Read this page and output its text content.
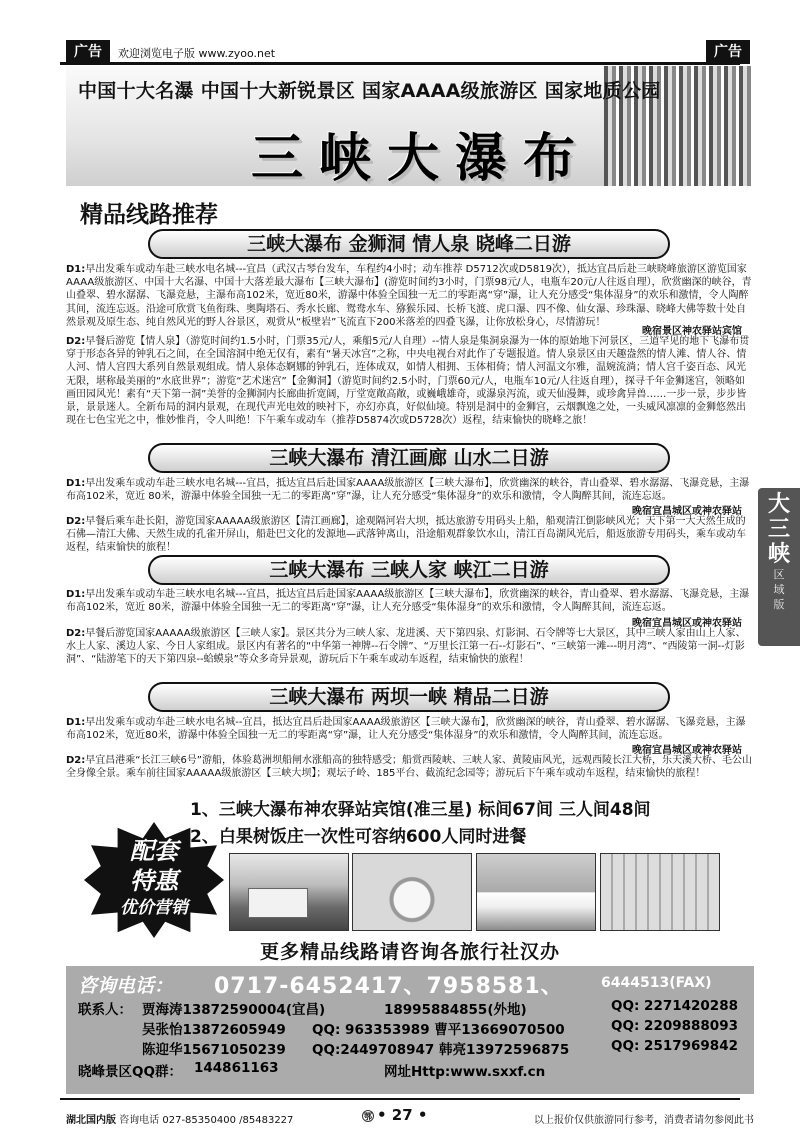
广告	欢迎浏览电子版 www.zyoo.net	广告
中国十大名瀑 中国十大新锐景区 国家AAAA级旅游区 国家地质公园
三峡大瀑布
精品线路推荐
三峡大瀑布 金狮洞 情人泉 晓峰二日游
D1:早出发乘车或动车赴三峡水电名城---宜昌（武汉古琴台发车，车程约4小时；动车推荐 D5712次或D5819次），抵达宜昌后赴三峡晓峰旅游区游览国家AAAA级旅游区、中国十大名瀑、中国十大落差最大瀑布【三峡大瀑布】(游览时间约3小时，门票98元/人，电瓶车20元/人往返自理），欣赏幽深的峡谷，青山叠翠、碧水潺潺、飞瀑竞悬，主瀑布高102米，宽近80米，游瀑中体验全国独一无二的零距离“穿”瀑，让人充分感受“集体湿身”的欢乐和激情，令人陶醉其间，流连忘返。沿途可欣赏飞鱼衔珠、奥陶塔石、秀水长廊、鸳鸯水车、猕猴乐园、长桥飞渡、虎口瀑、四不像、仙女瀑、珍珠瀑、晓峰大佛等数十处自然景观及原生态、纯自然风光的野人谷景区，观赏从“板壁岩”飞流直下200米落差的四叠飞瀑，让你放松身心，尽情游玩！
晚宿景区神农驿站宾馆
D2:早餐后游览【情人泉】（游览时间约1.5小时，门票35元/人，乘船5元/人自理）--情人泉是集洞泉瀑为一体的原始地下河景区，三道罕见的地下飞瀑布贯穿于形态各异的钟乳石之间，在全国溶洞中绝无仅有，素有“暑天冰宫”之称，中央电视台对此作了专题报道。情人泉景区由天趣盎然的情人滩、情人谷、情人河、情人宫四大系列自然景观组成。情人泉体态婀娜的钟乳石，连体成双，如情人相拥、玉体相倚；情人河温文尔雅，温婉流淌；情人宫千姿百态、风光无限，堪称最美丽的“水底世界”；游览“艺术迷宫”【金狮洞】（游览时间约2.5小时，门票60元/人，电瓶车10元/人往返自理），探寻千年金狮迷宫，领略如画田园风光！素有“天下第一洞”美誉的金狮洞内长廊曲折宽阔，厅堂宽敞高敞，或巍峨雄奇，或瀑泉泻流，或天仙漫舞，或珍禽异兽……一步一景，步步皆景，景景迷人。全新布局的洞内景观，在现代声光电效的映衬下，亦幻亦真，好似仙境。特别是洞中的金狮宫，云烟飘逸之处，一头威风凛凛的金狮悠然出现在七色宝光之中，惟妙惟肖，令人叫绝！下午乘车或动车（推荐D5874次或D5728次）返程，结束愉快的晓峰之旅！
三峡大瀑布 清江画廊 山水二日游
D1:早出发乘车或动车赴三峡水电名城---宜昌，抵达宜昌后赴国家AAAA级旅游区【三峡大瀑布】，欣赏幽深的峡谷，青山叠翠、碧水潺潺、飞瀑竞悬，主瀑布高102米，宽近 80米，游瀑中体验全国独一无二的零距离“穿”瀑，让人充分感受“集体湿身”的欢乐和激情，令人陶醉其间，流连忘返。
晚宿宜昌城区或神农驿站
D2:早餐后乘车赴长阳，游览国家AAAAA级旅游区【清江画廊】，途观隔河岩大坝，抵达旅游专用码头上船，船观清江倒影峡风光；天下第一大天然生成的石佛—清江大佛、天然生成的孔雀开屏山，船赴巴文化的发源地—武落钟离山，沿途船观群象饮水山，清江百岛湖风光后，船返旅游专用码头，乘车或动车返程，结束愉快的旅程！
三峡大瀑布 三峡人家 峡江二日游
D1:早出发乘车或动车赴三峡水电名城---宜昌，抵达宜昌后赴国家AAAA级旅游区【三峡大瀑布】，欣赏幽深的峡谷，青山叠翠、碧水潺潺、飞瀑竞悬，主瀑布高102米，宽近 80米，游瀑中体验全国独一无二的零距离“穿”瀑，让人充分感受“集体湿身”的欢乐和激情，令人陶醉其间，流连忘返。
晚宿宜昌城区或神农驿站
D2:早餐后游览国家AAAAA级旅游区【三峡人家】。景区共分为三峡人家、龙进溪、天下第四泉、灯影洞、石令牌等七大景区，其中三峡人家由山上人家、水上人家、溪边人家、今日人家组成。景区内有著名的“中华第一神牌--石令牌”、“万里长江第一石--灯影石”、“三峡第一滩---明月湾”、“西陵第一洞--灯影洞”、“陆游笔下的天下第四泉--蛤蟆泉”等众多奇异景观，游玩后下午乘车或动车返程，结束愉快的旅程！
三峡大瀑布 两坝一峡 精品二日游
D1:早出发乘车或动车赴三峡水电名城--宜昌，抵达宜昌后赴国家AAAA级旅游区【三峡大瀑布】，欣赏幽深的峡谷，青山叠翠、碧水潺潺、飞瀑竞悬，主瀑布高102米，宽近80米，游瀑中体验全国独一无二的零距离“穿”瀑，让人充分感受“集体湿身”的欢乐和激情，令人陶醉其间，流连忘返。
晚宿宜昌城区或神农驿站
D2:早宜昌港乘“长江三峡6号”游船，体验葛洲坝船闸水涨船高的独特感受；船赏西陵峡、三峡人家、黄陵庙风光，远观西陵长江大桥，乐天溪大桥、毛公山全身像全景。乘车前往国家AAAAA级旅游区【三峡大坝】；观坛子岭、185平台、截流纪念园等；游玩后下午乘车或动车返程，结束愉快的旅程！
大三峡
区
域
版
配套
特惠
优价营销
1、三峡大瀑布神农驿站宾馆(准三星) 标间67间 三人间48间
2、白果树饭庄一次性可容纳600人同时进餐
更多精品线路请咨询各旅行社汉办
咨询电话： 0717-6452417、7958581、	6444513(FAX)
联系人： 贾海涛13872590004(宜昌)	18995884855(外地)	QQ: 2271420288
吴张怡13872605949 QQ: 963353989 曹平13669070500	QQ: 2209888093
陈迎华15671050239 QQ:2449708947 韩亮13972596875	QQ: 2517969842
晓峰景区QQ群： 144861163	网址Http:www.sxxf.cn
湖北国内版 咨询电话 027-85350400 /85483227	鄂 • 27 •	以上报价仅供旅游同行参考，消费者请勿参阅此书
